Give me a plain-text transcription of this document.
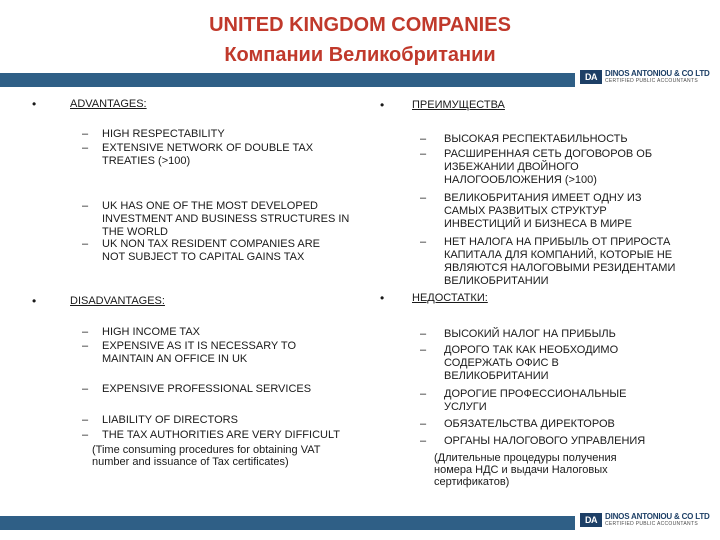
UNITED KINGDOM COMPANIES
Компании Великобритании
DA	DINOS ANTONIOU & CO LTD
CERTIFIED PUBLIC ACCOUNTANTS
•	ADVANTAGES:
– HIGH RESPECTABILITY
– EXTENSIVE NETWORK OF DOUBLE TAX TREATIES (>100)
– UK HAS ONE OF THE MOST DEVELOPED INVESTMENT AND BUSINESS STRUCTURES IN THE WORLD
– UK NON TAX RESIDENT COMPANIES ARE NOT SUBJECT TO CAPITAL GAINS TAX
•	DISADVANTAGES:
– HIGH INCOME TAX
– EXPENSIVE AS IT IS NECESSARY TO MAINTAIN AN OFFICE IN UK
– EXPENSIVE PROFESSIONAL SERVICES
– LIABILITY OF DIRECTORS
– THE TAX AUTHORITIES ARE VERY DIFFICULT
(Time consuming procedures for obtaining VAT number and issuance of Tax certificates)
•	ПРЕИМУЩЕСТВА
– ВЫСОКАЯ РЕСПЕКТАБИЛЬНОСТЬ
– РАСШИРЕННАЯ СЕТЬ ДОГОВОРОВ ОБ ИЗБЕЖАНИИ ДВОЙНОГО НАЛОГООБЛОЖЕНИЯ (>100)
– ВЕЛИКОБРИТАНИЯ ИМЕЕТ ОДНУ ИЗ САМЫХ РАЗВИТЫХ СТРУКТУР ИНВЕСТИЦИЙ И БИЗНЕСА В МИРЕ
– НЕТ НАЛОГА НА ПРИБЫЛЬ ОТ ПРИРОСТА КАПИТАЛА ДЛЯ КОМПАНИЙ, КОТОРЫЕ НЕ ЯВЛЯЮТСЯ НАЛОГОВЫМИ РЕЗИДЕНТАМИ ВЕЛИКОБРИТАНИИ
•	НЕДОСТАТКИ:
– ВЫСОКИЙ НАЛОГ НА ПРИБЫЛЬ
– ДОРОГО ТАК КАК НЕОБХОДИМО СОДЕРЖАТЬ ОФИС В ВЕЛИКОБРИТАНИИ
– ДОРОГИЕ ПРОФЕССИОНАЛЬНЫЕ УСЛУГИ
– ОБЯЗАТЕЛЬСТВА ДИРЕКТОРОВ
– ОРГАНЫ НАЛОГОВОГО УПРАВЛЕНИЯ
(Длительные процедуры получения номера НДС и выдачи Налоговых сертификатов)
DA	DINOS ANTONIOU & CO LTD
CERTIFIED PUBLIC ACCOUNTANTS
